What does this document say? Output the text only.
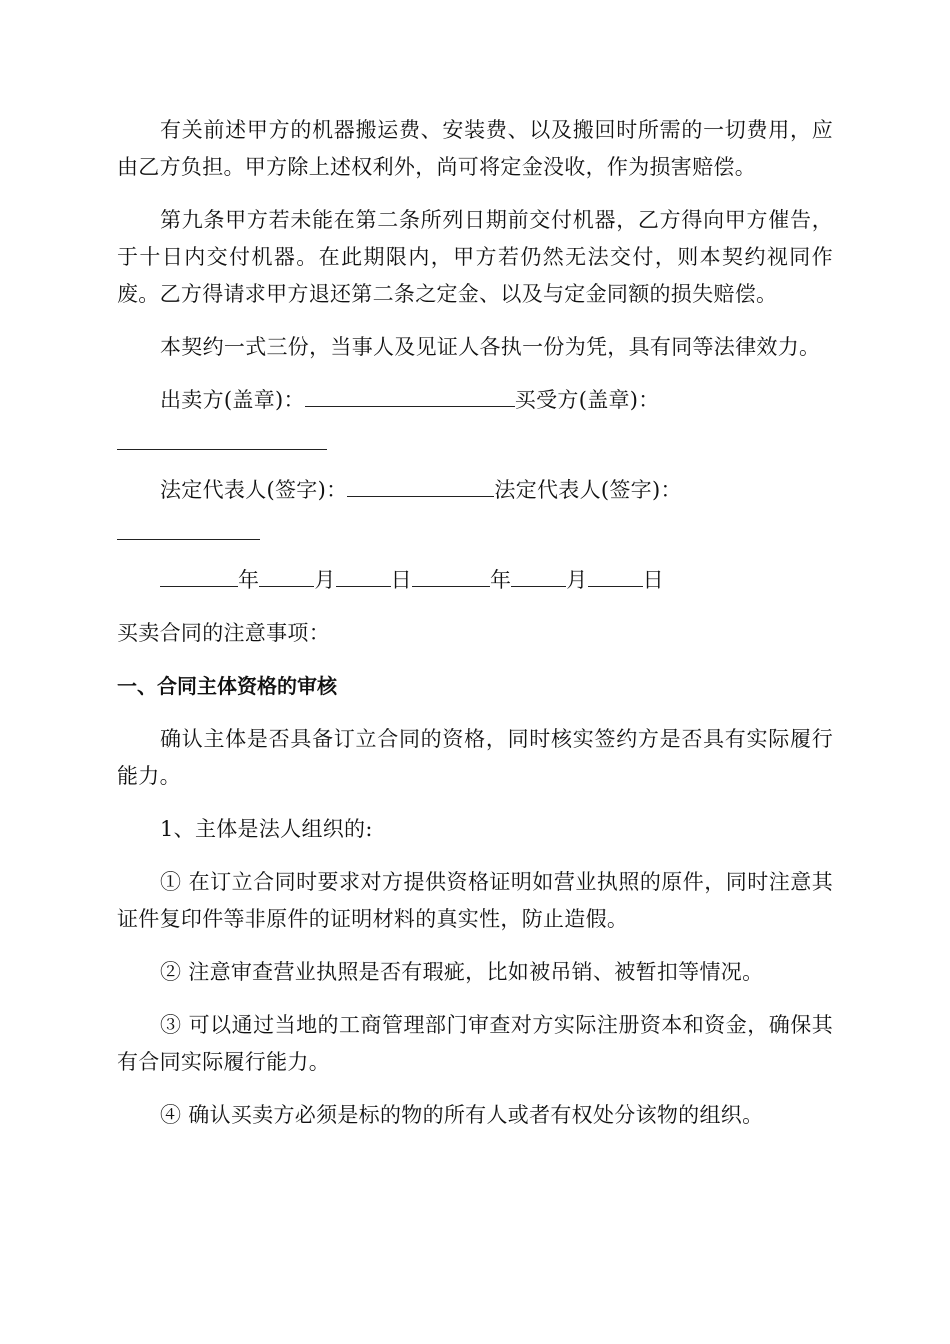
有关前述甲方的机器搬运费、安装费、以及搬回时所需的一切费用，应由乙方负担。甲方除上述权利外，尚可将定金没收，作为损害赔偿。

第九条甲方若未能在第二条所列日期前交付机器，乙方得向甲方催告，于十日内交付机器。在此期限内，甲方若仍然无法交付，则本契约视同作废。乙方得请求甲方退还第二条之定金、以及与定金同额的损失赔偿。

本契约一式三份，当事人及见证人各执一份为凭，具有同等法律效力。

出卖方(盖章)：	买受方(盖章)：
法定代表人(签字)：	法定代表人(签字)：
年	月	日	年	月	日

买卖合同的注意事项：

一、合同主体资格的审核

确认主体是否具备订立合同的资格，同时核实签约方是否具有实际履行能力。

1、主体是法人组织的:

① 在订立合同时要求对方提供资格证明如营业执照的原件，同时注意其证件复印件等非原件的证明材料的真实性，防止造假。

② 注意审查营业执照是否有瑕疵，比如被吊销、被暂扣等情况。

③ 可以通过当地的工商管理部门审查对方实际注册资本和资金，确保其有合同实际履行能力。

④ 确认买卖方必须是标的物的所有人或者有权处分该物的组织。
